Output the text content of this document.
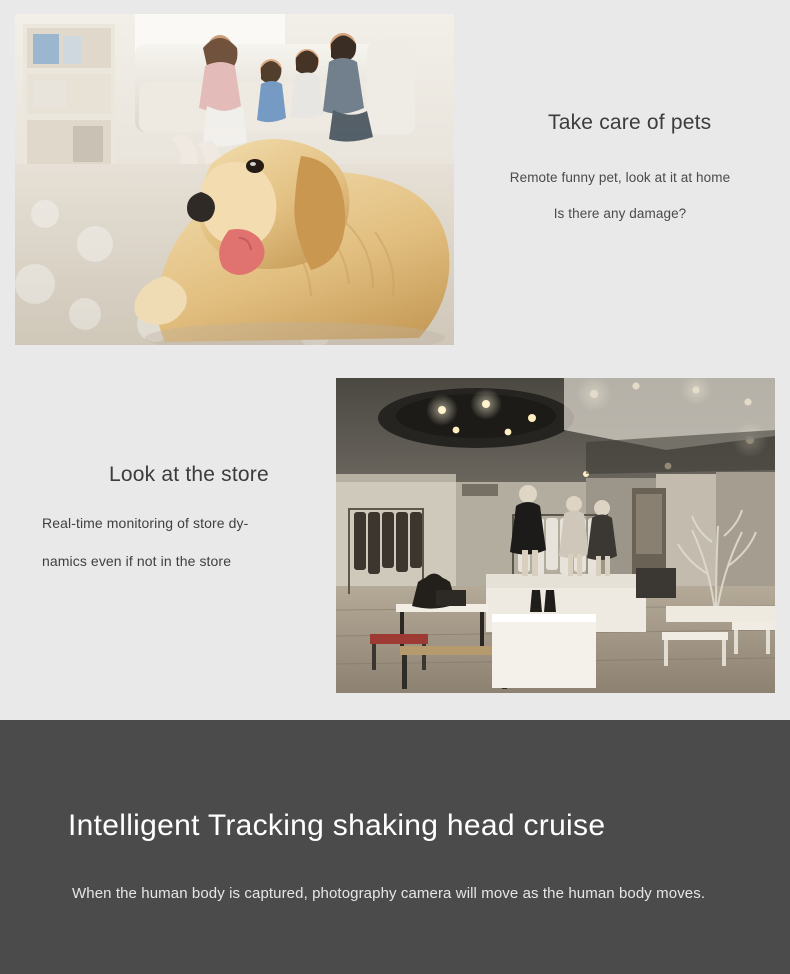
Take care of pets
Remote funny pet, look at it at home
Is there any damage?
Look at the store
Real-time monitoring of store dy-
namics even if not in the store
Intelligent Tracking shaking head cruise
When the human body is captured, photography camera will move as the human body moves.
